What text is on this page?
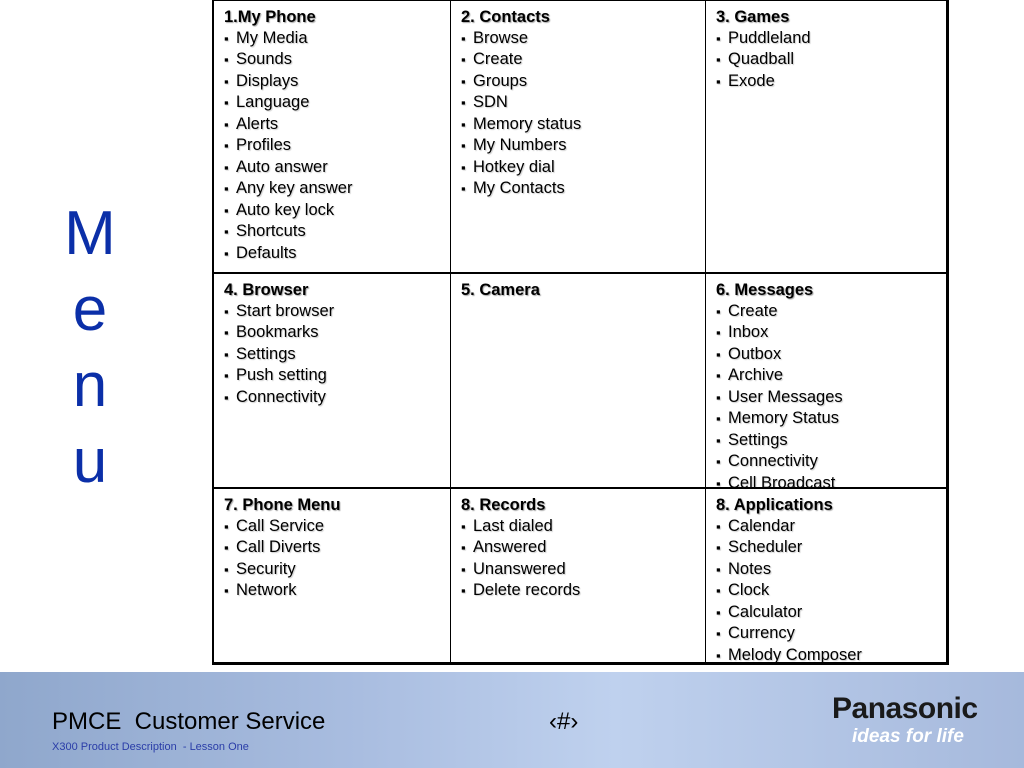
M
e
n
u
1.My Phone
▪ My Media
▪ Sounds
▪ Displays
▪ Language
▪ Alerts
▪ Profiles
▪ Auto answer
▪ Any key answer
▪ Auto key lock
▪ Shortcuts
▪ Defaults
2. Contacts
▪ Browse
▪ Create
▪ Groups
▪ SDN
▪ Memory status
▪ My Numbers
▪ Hotkey dial
▪ My Contacts
3. Games
▪ Puddleland
▪ Quadball
▪ Exode
4. Browser
▪ Start browser
▪ Bookmarks
▪ Settings
▪ Push setting
▪ Connectivity
5. Camera	6. Messages
▪ Create
▪ Inbox
▪ Outbox
▪ Archive
▪ User Messages
▪ Memory Status
▪ Settings
▪ Connectivity
▪ Cell Broadcast
7. Phone Menu
▪ Call Service
▪ Call Diverts
▪ Security
▪ Network
8. Records
▪ Last dialed
▪ Answered
▪ Unanswered
▪ Delete records
8. Applications
▪ Calendar
▪ Scheduler
▪ Notes
▪ Clock
▪ Calculator
▪ Currency
▪ Melody Composer
PMCE  Customer Service
X300 Product Description  - Lesson One
‹#›	Panasonic
ideas for life
